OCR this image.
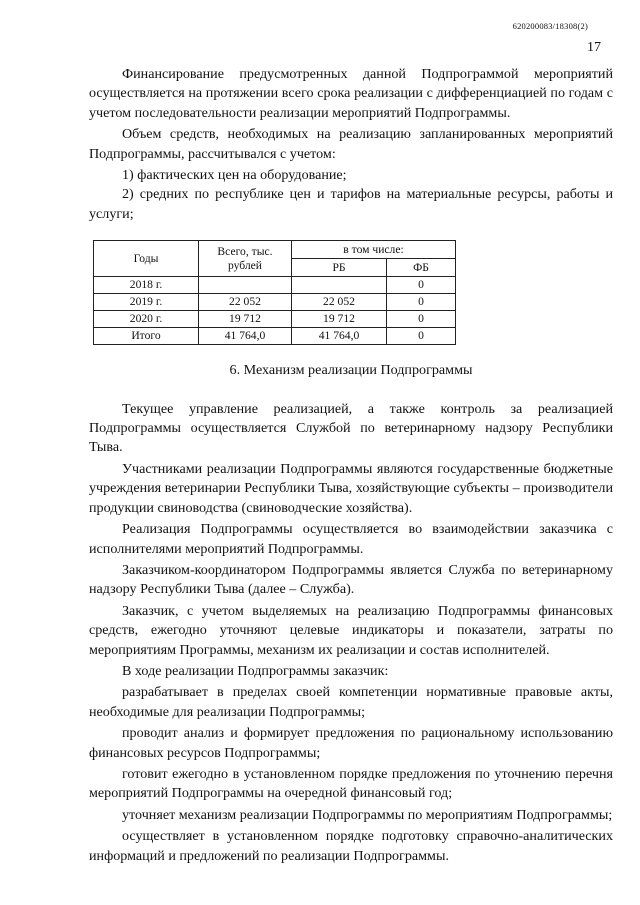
620200083/18308(2)
17

Финансирование предусмотренных данной Подпрограммой мероприятий осуществляется на протяжении всего срока реализации с дифференциацией по годам с учетом последовательности реализации мероприятий Подпрограммы.

Объем средств, необходимых на реализацию запланированных мероприятий Подпрограммы, рассчитывался с учетом:

1) фактических цен на оборудование;

2) средних по республике цен и тарифов на материальные ресурсы, работы и услуги;

Годы	Всего, тыс. рублей	в том числе:	
		РБ	ФБ
2018 г.			0
2019 г.	22 052	22 052	0
2020 г.	19 712	19 712	0
Итого	41 764,0	41 764,0	0
6. Механизм реализации Подпрограммы

Текущее управление реализацией, а также контроль за реализацией Подпрограммы осуществляется Службой по ветеринарному надзору Республики Тыва.

Участниками реализации Подпрограммы являются государственные бюджетные учреждения ветеринарии Республики Тыва, хозяйствующие субъекты – производители продукции свиноводства (свиноводческие хозяйства).

Реализация Подпрограммы осуществляется во взаимодействии заказчика с исполнителями мероприятий Подпрограммы.

Заказчиком-координатором Подпрограммы является Служба по ветеринарному надзору Республики Тыва (далее – Служба).

Заказчик, с учетом выделяемых на реализацию Подпрограммы финансовых средств, ежегодно уточняют целевые индикаторы и показатели, затраты по мероприятиям Программы, механизм их реализации и состав исполнителей.

В ходе реализации Подпрограммы заказчик:

разрабатывает в пределах своей компетенции нормативные правовые акты, необходимые для реализации Подпрограммы;

проводит анализ и формирует предложения по рациональному использованию финансовых ресурсов Подпрограммы;

готовит ежегодно в установленном порядке предложения по уточнению перечня мероприятий Подпрограммы на очередной финансовый год;

уточняет механизм реализации Подпрограммы по мероприятиям Подпрограммы;

осуществляет в установленном порядке подготовку справочно-аналитических информаций и предложений по реализации Подпрограммы.
